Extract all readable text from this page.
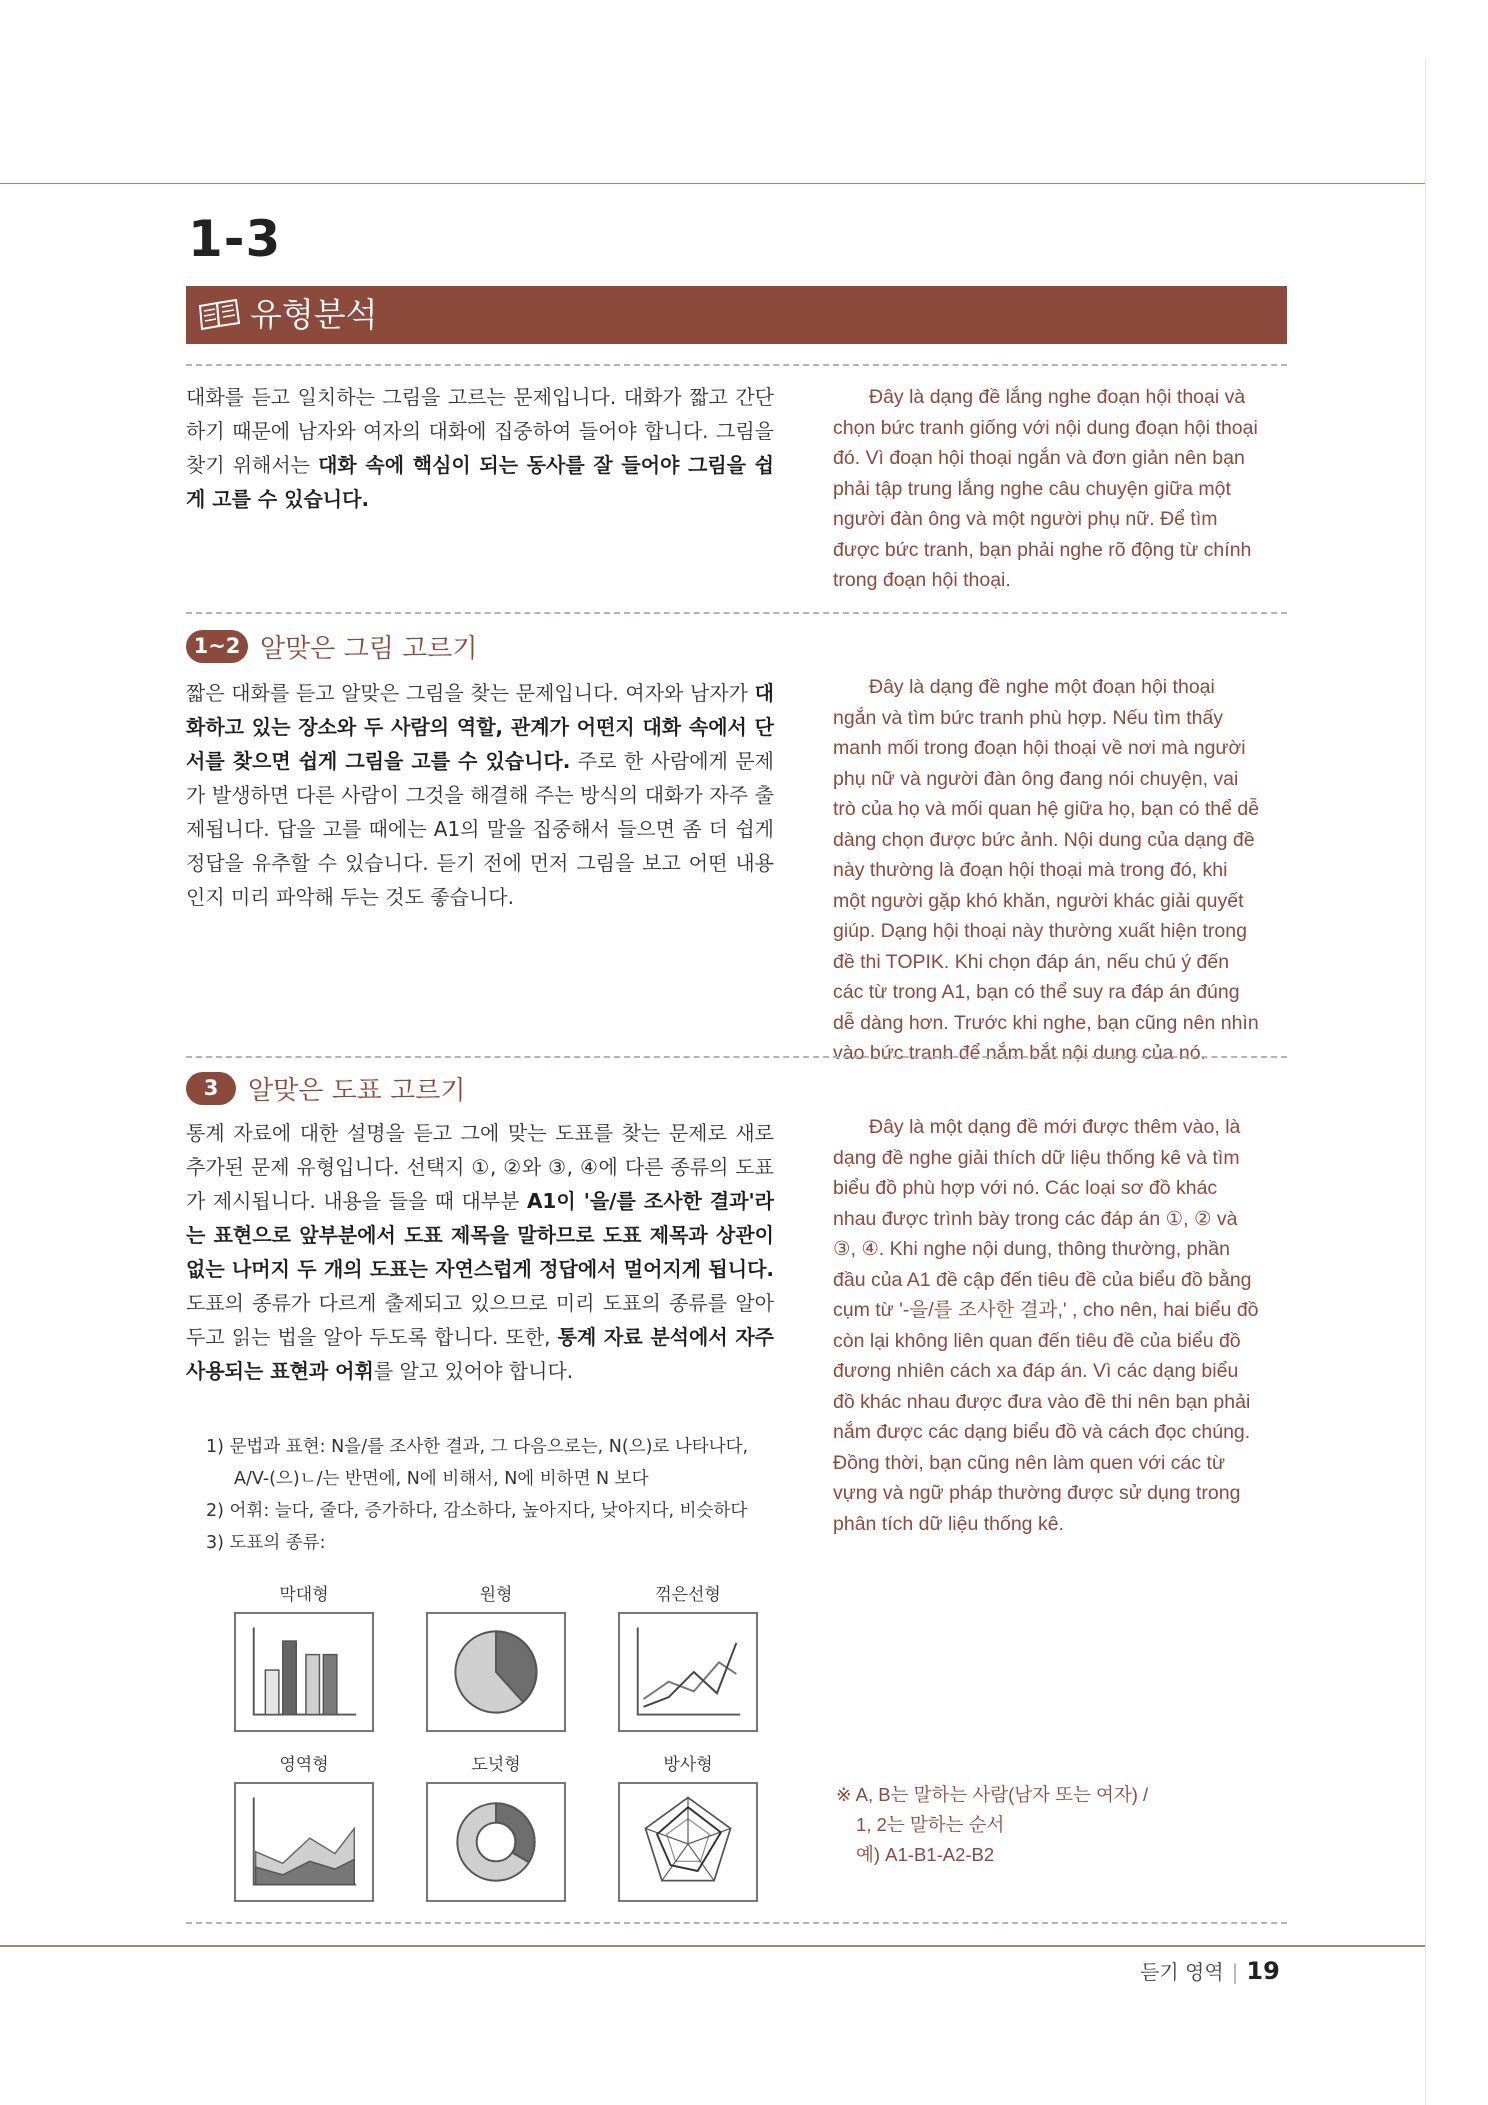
1-3
유형분석
대화를 듣고 일치하는 그림을 고르는 문제입니다. 대화가 짧고 간단하기 때문에 남자와 여자의 대화에 집중하여 들어야 합니다. 그림을 찾기 위해서는 대화 속에 핵심이 되는 동사를 잘 들어야 그림을 쉽게 고를 수 있습니다.

Đây là dạng đề lắng nghe đoạn hội thoại và chọn bức tranh giống với nội dung đoạn hội thoại đó. Vì đoạn hội thoại ngắn và đơn giản nên bạn phải tập trung lắng nghe câu chuyện giữa một người đàn ông và một người phụ nữ. Để tìm được bức tranh, bạn phải nghe rõ động từ chính trong đoạn hội thoại.

1~2 알맞은 그림 고르기
짧은 대화를 듣고 알맞은 그림을 찾는 문제입니다. 여자와 남자가 대화하고 있는 장소와 두 사람의 역할, 관계가 어떤지 대화 속에서 단서를 찾으면 쉽게 그림을 고를 수 있습니다. 주로 한 사람에게 문제가 발생하면 다른 사람이 그것을 해결해 주는 방식의 대화가 자주 출제됩니다. 답을 고를 때에는 A1의 말을 집중해서 들으면 좀 더 쉽게 정답을 유추할 수 있습니다. 듣기 전에 먼저 그림을 보고 어떤 내용인지 미리 파악해 두는 것도 좋습니다.

Đây là dạng đề nghe một đoạn hội thoại ngắn và tìm bức tranh phù hợp. Nếu tìm thấy manh mối trong đoạn hội thoại về nơi mà người phụ nữ và người đàn ông đang nói chuyện, vai trò của họ và mối quan hệ giữa họ, bạn có thể dễ dàng chọn được bức ảnh. Nội dung của dạng đề này thường là đoạn hội thoại mà trong đó, khi một người gặp khó khăn, người khác giải quyết giúp. Dạng hội thoại này thường xuất hiện trong đề thi TOPIK. Khi chọn đáp án, nếu chú ý đến các từ trong A1, bạn có thể suy ra đáp án đúng dễ dàng hơn. Trước khi nghe, bạn cũng nên nhìn vào bức tranh để nắm bắt nội dung của nó.

3	알맞은 도표 고르기
통계 자료에 대한 설명을 듣고 그에 맞는 도표를 찾는 문제로 새로 추가된 문제 유형입니다. 선택지 ①, ②와 ③, ④에 다른 종류의 도표가 제시됩니다. 내용을 들을 때 대부분 A1이 '을/를 조사한 결과'라는 표현으로 앞부분에서 도표 제목을 말하므로 도표 제목과 상관이 없는 나머지 두 개의 도표는 자연스럽게 정답에서 멀어지게 됩니다. 도표의 종류가 다르게 출제되고 있으므로 미리 도표의 종류를 알아 두고 읽는 법을 알아 두도록 합니다. 또한, 통계 자료 분석에서 자주 사용되는 표현과 어휘를 알고 있어야 합니다.
1) 문법과 표현: N을/를 조사한 결과, 그 다음으로는, N(으)로 나타나다,
A/V-(으)ㄴ/는 반면에, N에 비해서, N에 비하면 N 보다
2) 어휘: 늘다, 줄다, 증가하다, 감소하다, 높아지다, 낮아지다, 비슷하다
3) 도표의 종류:
막대형	원형	꺾은선형
영역형	도넛형	방사형

Đây là một dạng đề mới được thêm vào, là dạng đề nghe giải thích dữ liệu thống kê và tìm biểu đồ phù hợp với nó. Các loại sơ đồ khác nhau được trình bày trong các đáp án ①, ② và ③, ④. Khi nghe nội dung, thông thường, phần đầu của A1 đề cập đến tiêu đề của biểu đồ bằng cụm từ '-을/를 조사한 결과,' , cho nên, hai biểu đồ còn lại không liên quan đến tiêu đề của biểu đồ đương nhiên cách xa đáp án. Vì các dạng biểu đồ khác nhau được đưa vào đề thi nên bạn phải nắm được các dạng biểu đồ và cách đọc chúng. Đồng thời, bạn cũng nên làm quen với các từ vựng và ngữ pháp thường được sử dụng trong phân tích dữ liệu thống kê.

※ A, B는 말하는 사람(남자 또는 여자) /
1, 2는 말하는 순서
예) A1-B1-A2-B2
듣기 영역 | 19
